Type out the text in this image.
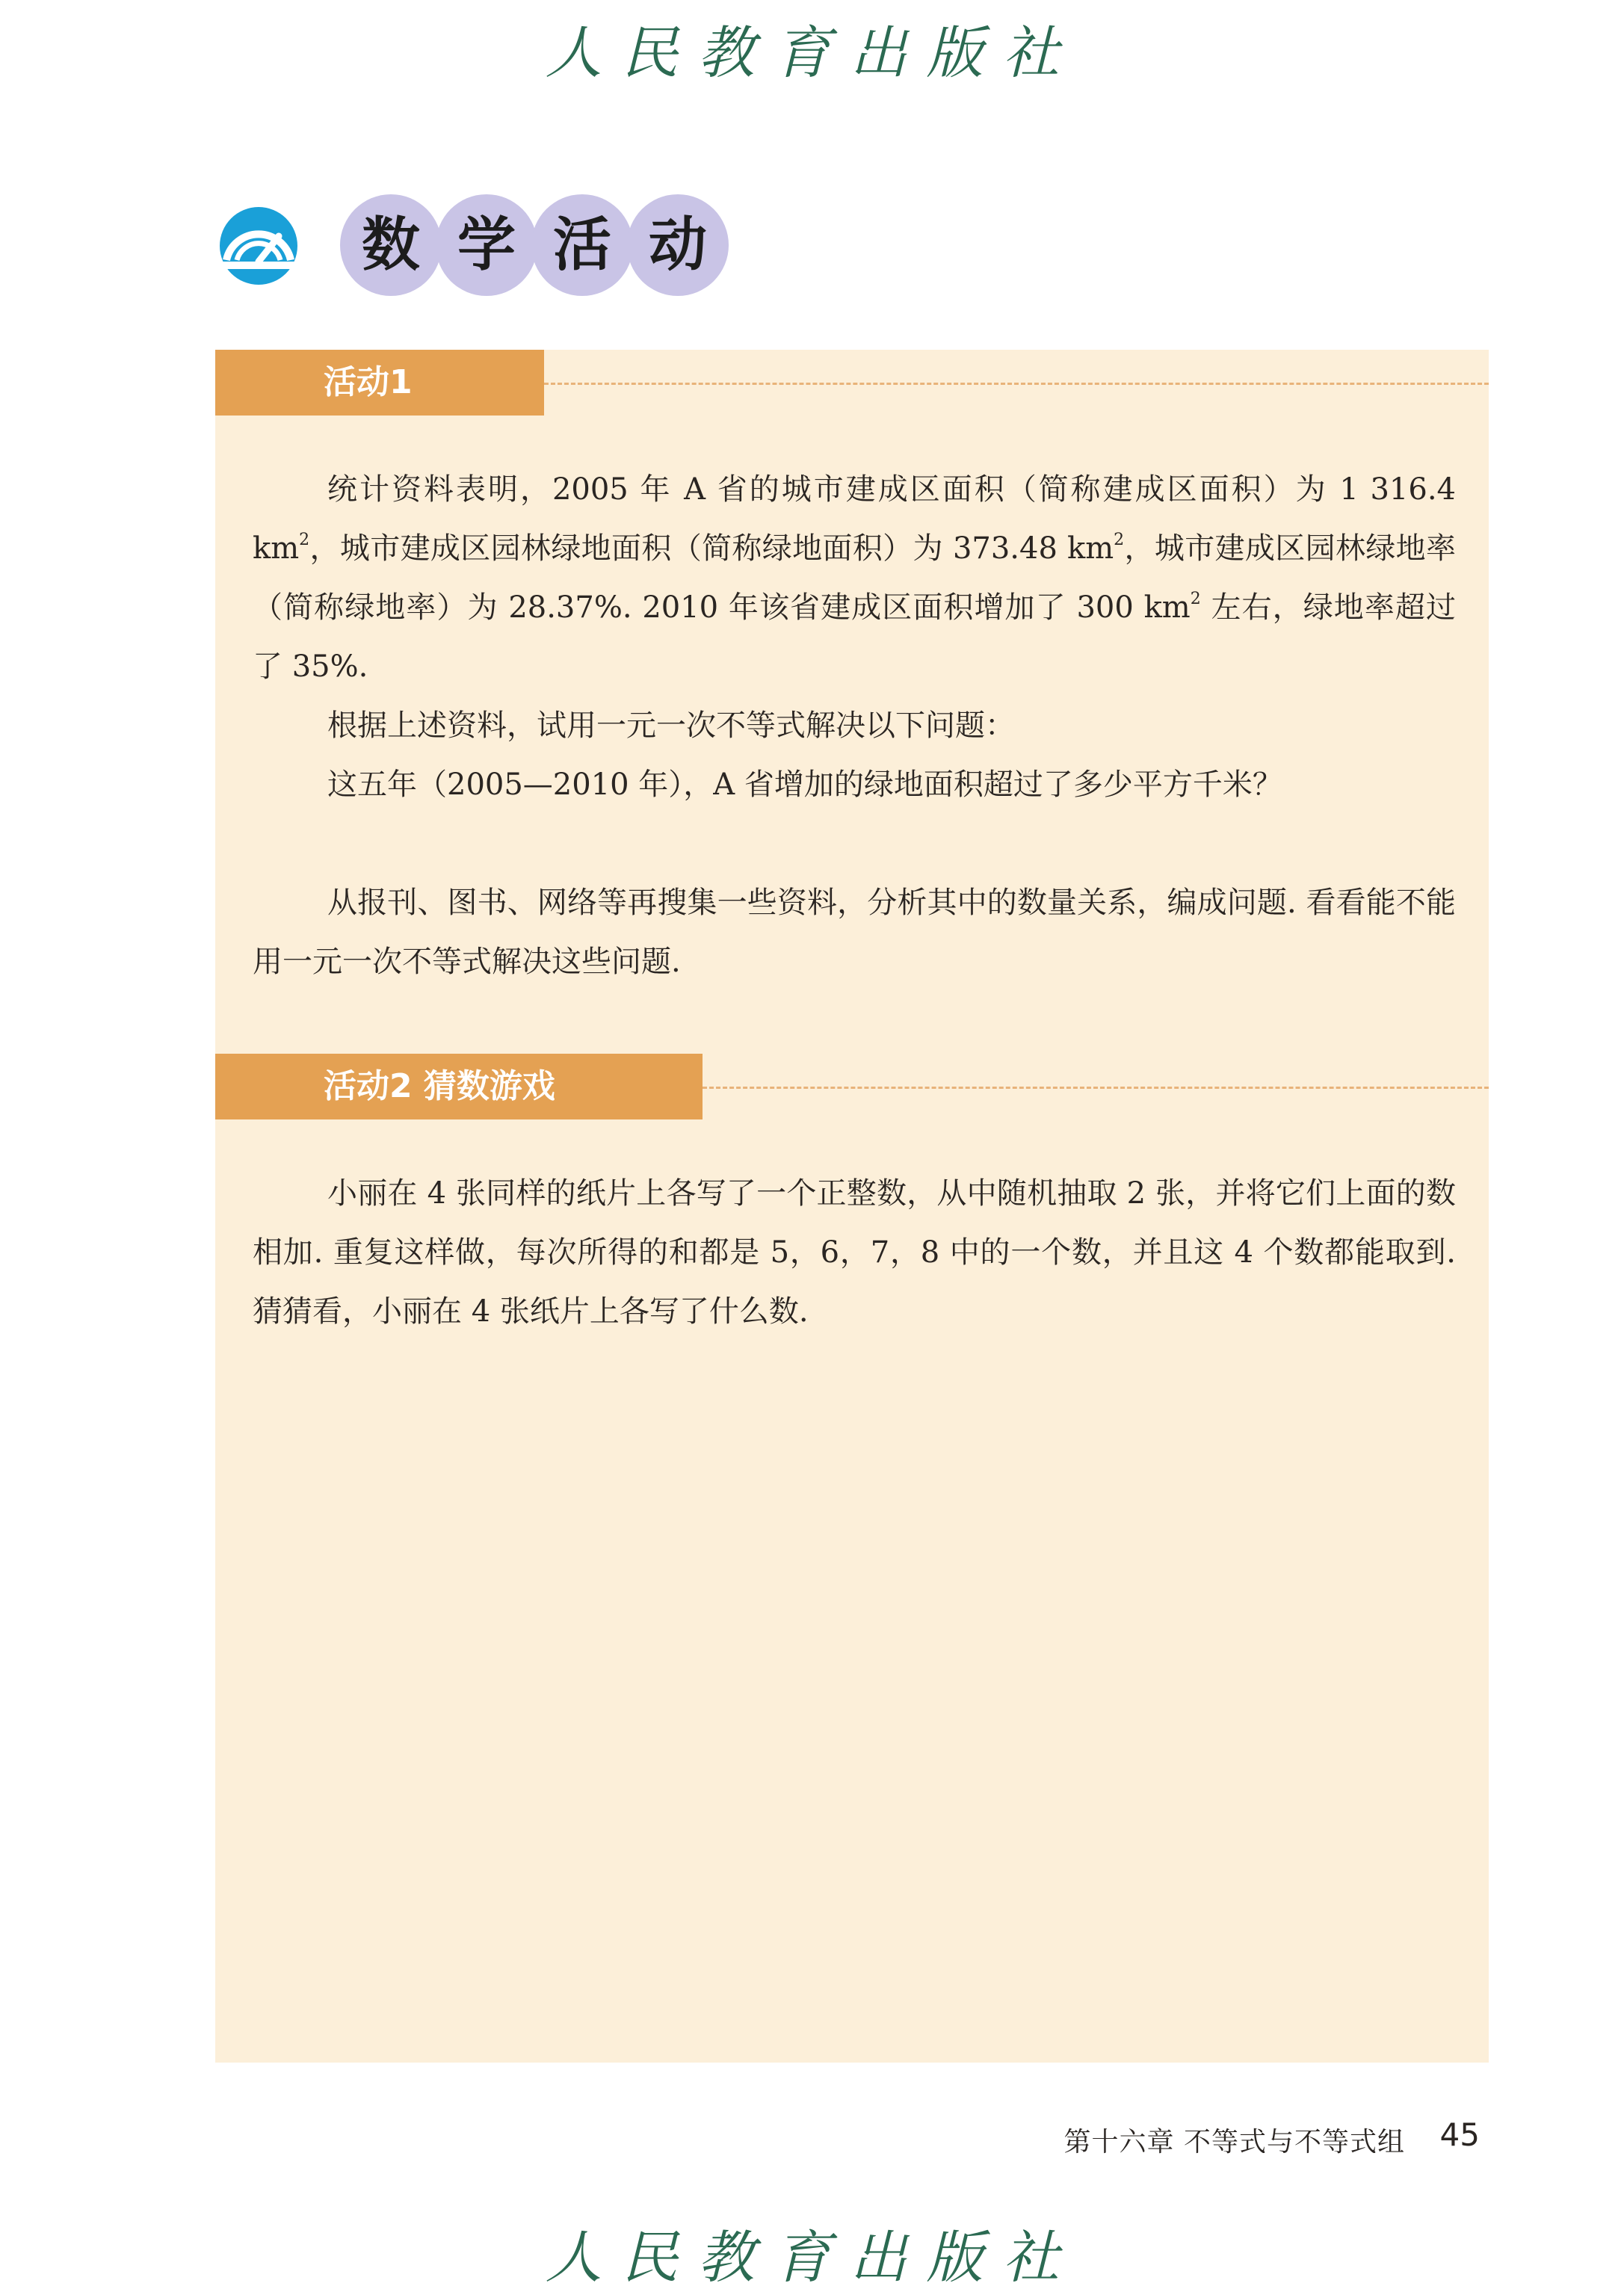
人民教育出版社
数 学 活 动
活动1

统计资料表明，2005 年 A 省的城市建成区面积（简称建成区面积）为 1 316.4 $km^2$，城市建成区园林绿地面积（简称绿地面积）为 373.48 $km^2$，城市建成区园林绿地率（简称绿地率）为 28.37%. 2010 年该省建成区面积增加了 300 $km^2$ 左右，绿地率超过了 35%.

根据上述资料，试用一元一次不等式解决以下问题：

这五年（2005—2010 年），A 省增加的绿地面积超过了多少平方千米？

从报刊、图书、网络等再搜集一些资料，分析其中的数量关系，编成问题. 看看能不能用一元一次不等式解决这些问题.

活动2 猜数游戏

小丽在 4 张同样的纸片上各写了一个正整数，从中随机抽取 2 张，并将它们上面的数相加. 重复这样做，每次所得的和都是 5，6，7，8 中的一个数，并且这 4 个数都能取到. 猜猜看，小丽在 4 张纸片上各写了什么数.

第十六章 不等式与不等式组 45
人民教育出版社
